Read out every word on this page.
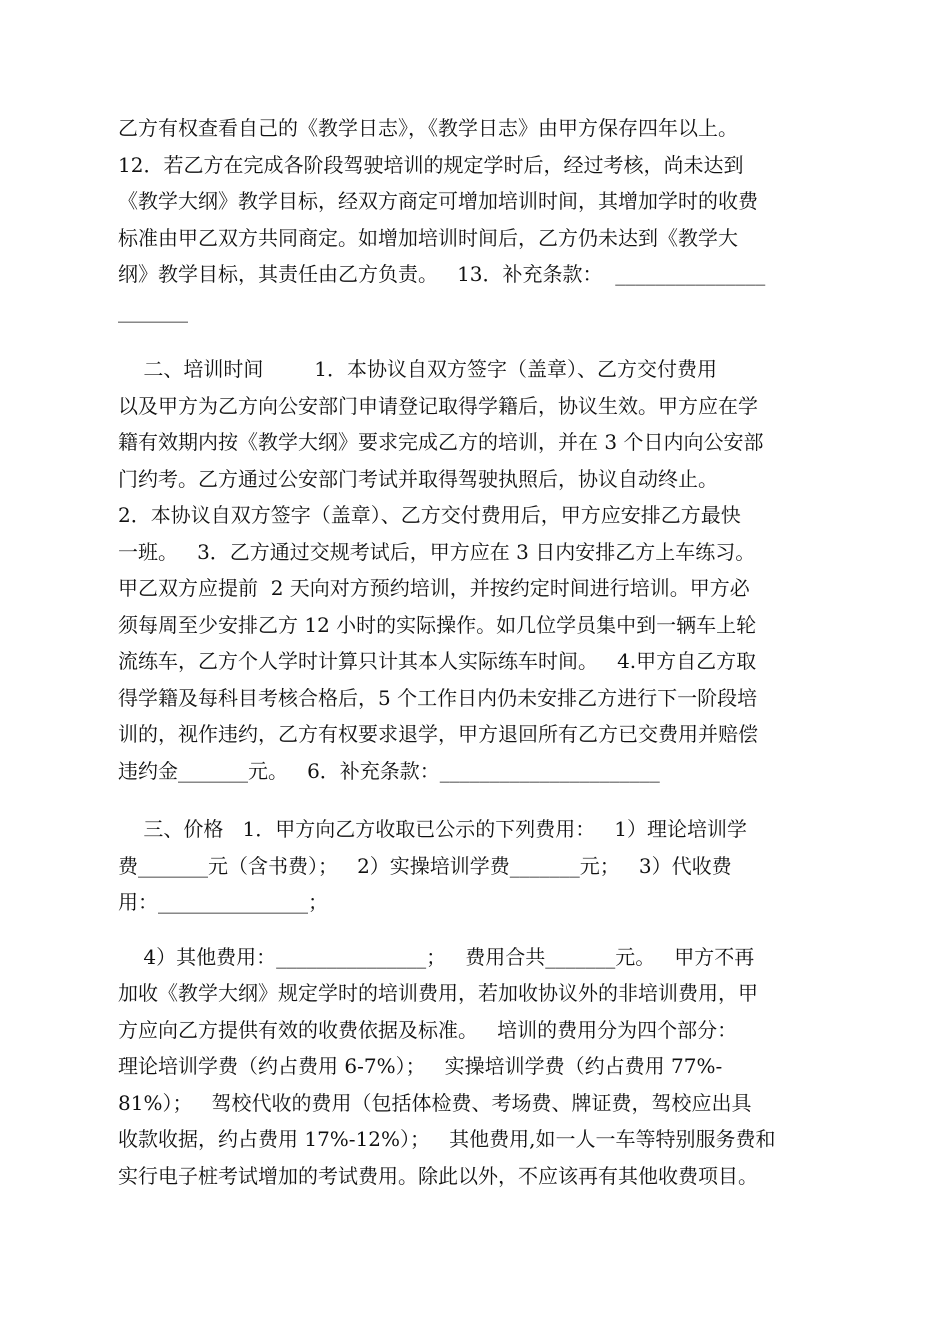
乙方有权查看自己的《教学日志》，《教学日志》由甲方保存四年以上。
12．若乙方在完成各阶段驾驶培训的规定学时后，经过考核，尚未达到
《教学大纲》教学目标，经双方商定可增加培训时间，其增加学时的收费
标准由甲乙双方共同商定。如增加培训时间后，乙方仍未达到《教学大
纲》教学目标，其责任由乙方负责。   13．补充条款：  _______________
_______
二、培训时间        1．本协议自双方签字（盖章）、乙方交付费用
以及甲方为乙方向公安部门申请登记取得学籍后，协议生效。甲方应在学
籍有效期内按《教学大纲》要求完成乙方的培训，并在 3 个日内向公安部
门约考。乙方通过公安部门考试并取得驾驶执照后，协议自动终止。
2．本协议自双方签字（盖章）、乙方交付费用后，甲方应安排乙方最快
一班。   3．乙方通过交规考试后，甲方应在 3 日内安排乙方上车练习。
甲乙双方应提前  2 天向对方预约培训，并按约定时间进行培训。甲方必
须每周至少安排乙方 12 小时的实际操作。如几位学员集中到一辆车上轮
流练车，乙方个人学时计算只计其本人实际练车时间。   4.甲方自乙方取
得学籍及每科目考核合格后，5 个工作日内仍未安排乙方进行下一阶段培
训的，视作违约，乙方有权要求退学，甲方退回所有乙方已交费用并赔偿
违约金_______元。   6．补充条款：______________________
三、价格   1．甲方向乙方收取已公示的下列费用：   1）理论培训学
费_______元（含书费）；   2）实操培训学费_______元；   3）代收费
用：_______________；
4）其他费用：_______________；   费用合共_______元。   甲方不再
加收《教学大纲》规定学时的培训费用，若加收协议外的非培训费用，甲
方应向乙方提供有效的收费依据及标准。   培训的费用分为四个部分：
理论培训学费（约占费用 6-7%）；   实操培训学费（约占费用 77%-
81%）；   驾校代收的费用（包括体检费、考场费、牌证费，驾校应出具
收款收据，约占费用 17%-12%）；   其他费用,如一人一车等特别服务费和
实行电子桩考试增加的考试费用。除此以外，不应该再有其他收费项目。
